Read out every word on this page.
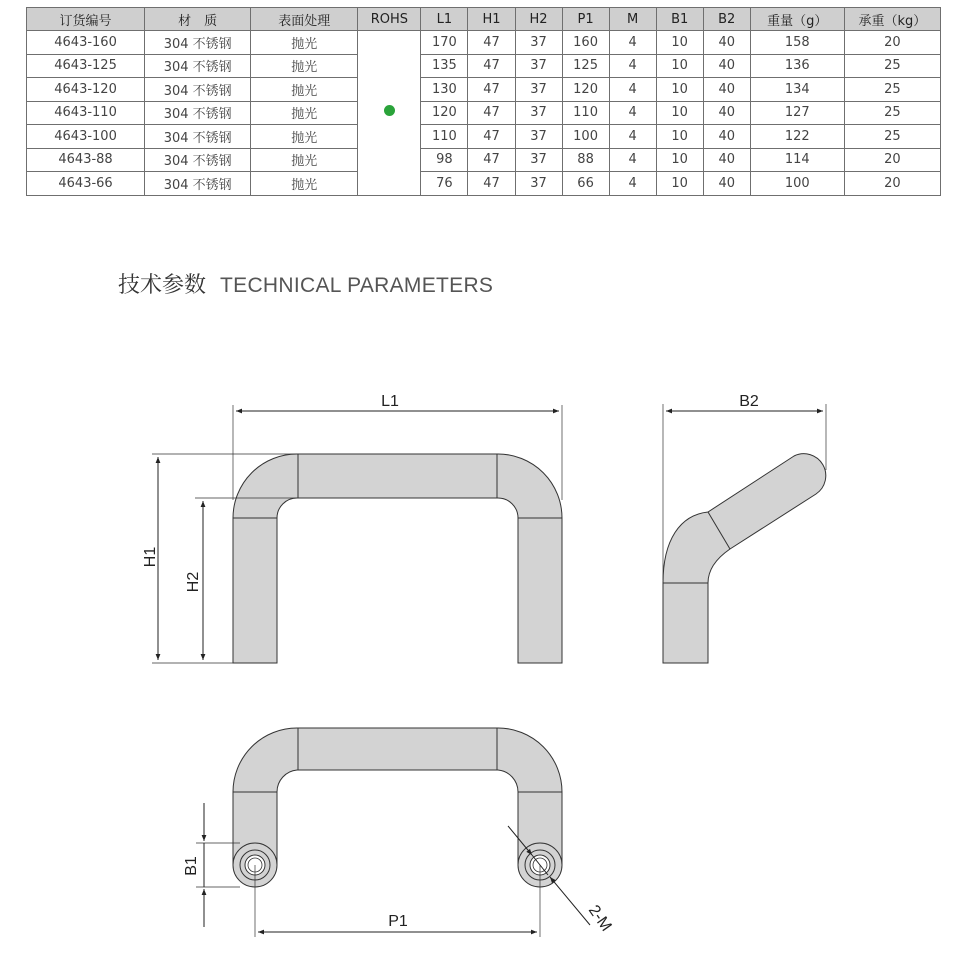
订货编号	材　质	表面处理	ROHS	L1	H1	H2	P1	M	B1	B2	重量（g）	承重（kg）
4643-160	304 不锈钢	抛光		170	47	37	160	4	10	40	158	20
4643-125	304 不锈钢	抛光		135	47	37	125	4	10	40	136	25
4643-120	304 不锈钢	抛光		130	47	37	120	4	10	40	134	25
4643-110	304 不锈钢	抛光		120	47	37	110	4	10	40	127	25
4643-100	304 不锈钢	抛光		110	47	37	100	4	10	40	122	25
4643-88	304 不锈钢	抛光		98	47	37	88	4	10	40	114	20
4643-66	304 不锈钢	抛光		76	47	37	66	4	10	40	100	20
技术参数 TECHNICAL PARAMETERS
L1
H1
H2
B2
B1
P1	2-M
